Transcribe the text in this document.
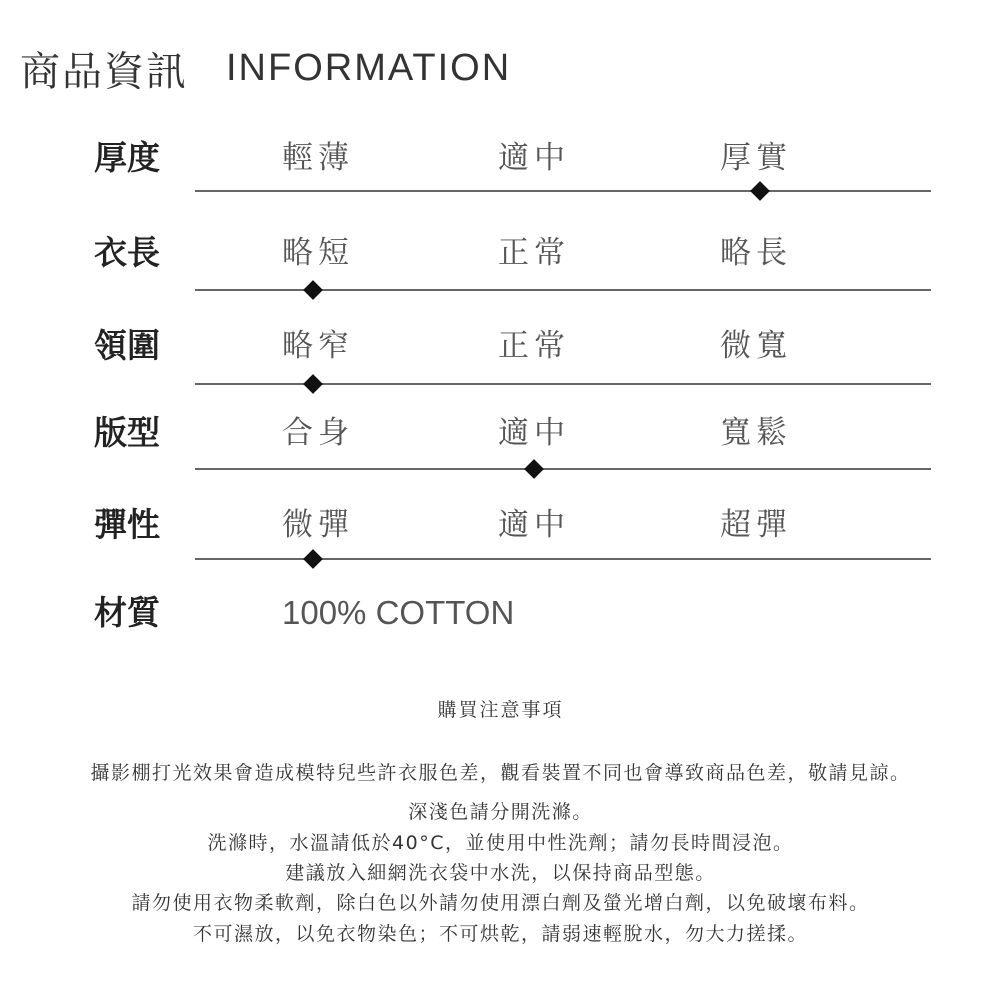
商品資訊 INFORMATION
厚度	輕薄	適中	厚實
衣長	略短	正常	略長
領圍	略窄	正常	微寬
版型	合身	適中	寬鬆
彈性	微彈	適中	超彈
材質	100% COTTON
購買注意事項
攝影棚打光效果會造成模特兒些許衣服色差，觀看裝置不同也會導致商品色差，敬請見諒。
深淺色請分開洗滌。
洗滌時，水溫請低於40°C，並使用中性洗劑；請勿長時間浸泡。
建議放入細網洗衣袋中水洗，以保持商品型態。
請勿使用衣物柔軟劑，除白色以外請勿使用漂白劑及螢光增白劑，以免破壞布料。
不可濕放，以免衣物染色；不可烘乾，請弱速輕脫水，勿大力搓揉。
